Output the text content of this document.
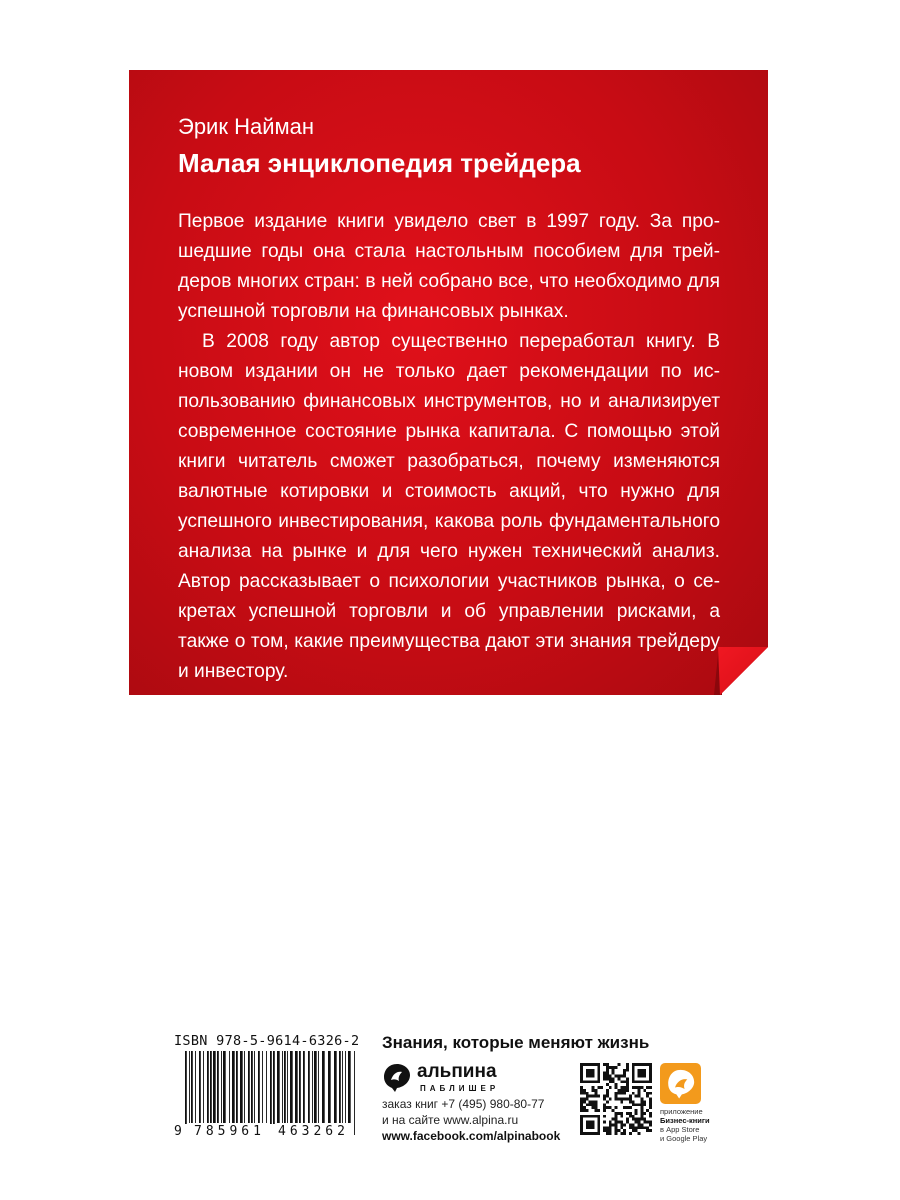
Эрик Найман
Малая энциклопедия трейдера

Первое издание книги увидело свет в 1997 году. За прошедшие годы она стала настольным пособием для трейдеров многих стран: в ней собрано все, что необходимо для успешной торговли на финансовых рынках.

В 2008 году автор существенно переработал книгу. В новом издании он не только дает рекомендации по использованию финансовых инструментов, но и анализирует современное состояние рынка капитала. С помощью этой книги читатель сможет разобраться, почему изменяются валютные котировки и стоимость акций, что нужно для успешного инвестирования, какова роль фундаментального анализа на рынке и для чего нужен технический анализ. Автор рассказывает о психологии участников рынка, о секретах успешной торговли и об управлении рисками, а также о том, какие преимущества дают эти знания трейдеру и инвестору.

ISBN 978-5-9614-6326-2
9 785961 463262
Знания, которые меняют жизнь
альпина
ПАБЛИШЕР
заказ книг +7 (495) 980-80-77
и на сайте www.alpina.ru
www.facebook.com/alpinabook
приложение
Бизнес-книги
в App Store
и Google Play
